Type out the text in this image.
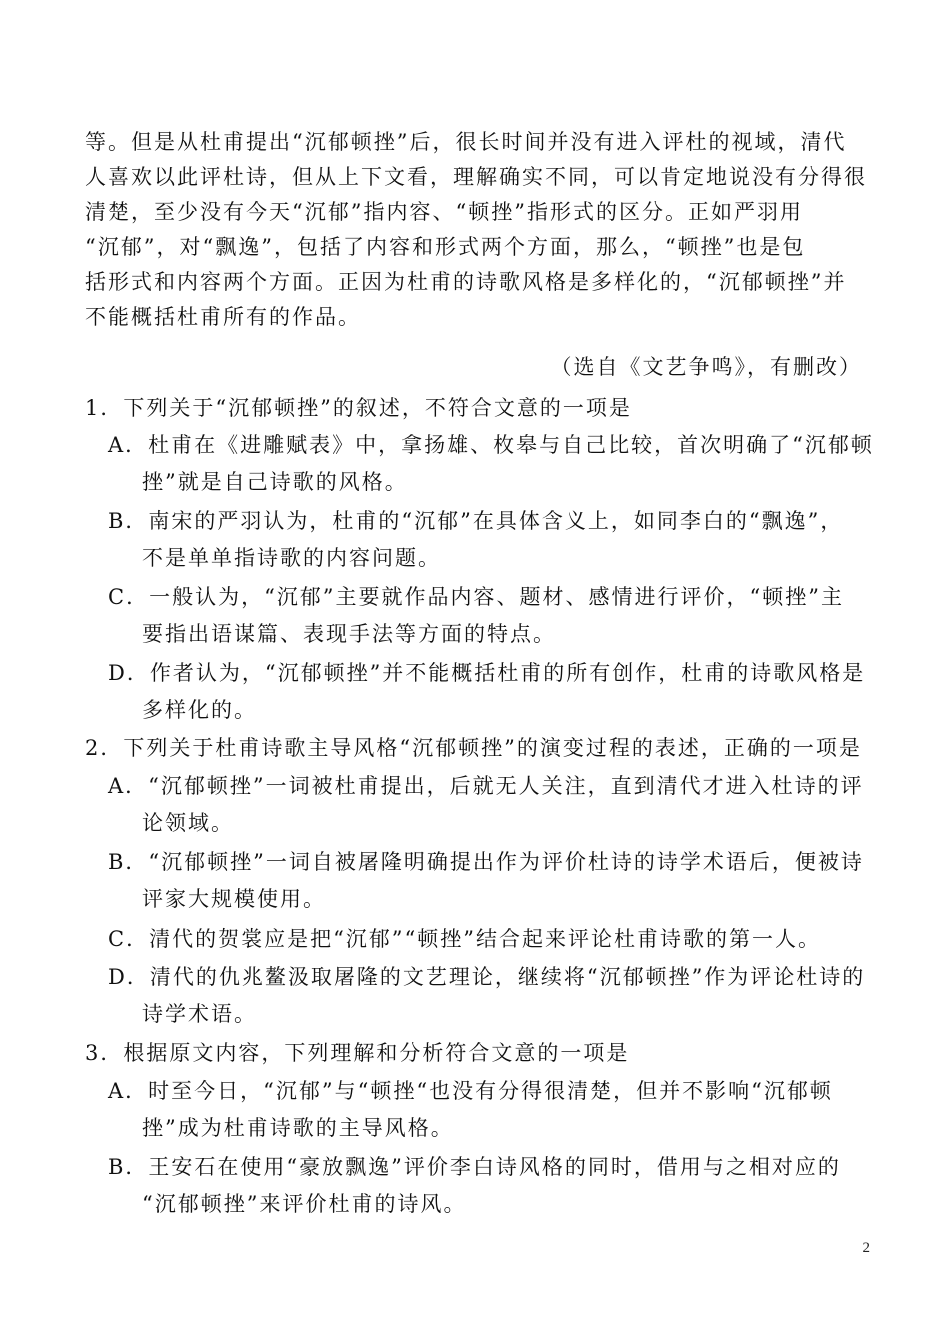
等。但是从杜甫提出“沉郁顿挫”后，很长时间并没有进入评杜的视域，清代
人喜欢以此评杜诗，但从上下文看，理解确实不同，可以肯定地说没有分得很
清楚，至少没有今天“沉郁”指内容、“顿挫”指形式的区分。正如严羽用
“沉郁”，对“飘逸”，包括了内容和形式两个方面，那么，“顿挫”也是包
括形式和内容两个方面。正因为杜甫的诗歌风格是多样化的，“沉郁顿挫”并
不能概括杜甫所有的作品。
（选自《文艺争鸣》，有删改）
1．下列关于“沉郁顿挫”的叙述，不符合文意的一项是
A．杜甫在《进雕赋表》中，拿扬雄、枚皋与自己比较，首次明确了“沉郁顿
挫”就是自己诗歌的风格。
B．南宋的严羽认为，杜甫的“沉郁”在具体含义上，如同李白的“飘逸”，
不是单单指诗歌的内容问题。
C．一般认为，“沉郁”主要就作品内容、题材、感情进行评价，“顿挫”主
要指出语谋篇、表现手法等方面的特点。
D．作者认为，“沉郁顿挫”并不能概括杜甫的所有创作，杜甫的诗歌风格是
多样化的。
2．下列关于杜甫诗歌主导风格“沉郁顿挫”的演变过程的表述，正确的一项是
A．“沉郁顿挫”一词被杜甫提出，后就无人关注，直到清代才进入杜诗的评
论领域。
B．“沉郁顿挫”一词自被屠隆明确提出作为评价杜诗的诗学术语后，便被诗
评家大规模使用。
C．清代的贺裳应是把“沉郁”“顿挫”结合起来评论杜甫诗歌的第一人。
D．清代的仇兆鳌汲取屠隆的文艺理论，继续将“沉郁顿挫”作为评论杜诗的
诗学术语。
3．根据原文内容，下列理解和分析符合文意的一项是
A．时至今日，“沉郁”与“顿挫“也没有分得很清楚，但并不影响“沉郁顿
挫”成为杜甫诗歌的主导风格。
B．王安石在使用“豪放飘逸”评价李白诗风格的同时，借用与之相对应的
“沉郁顿挫”来评价杜甫的诗风。
2
